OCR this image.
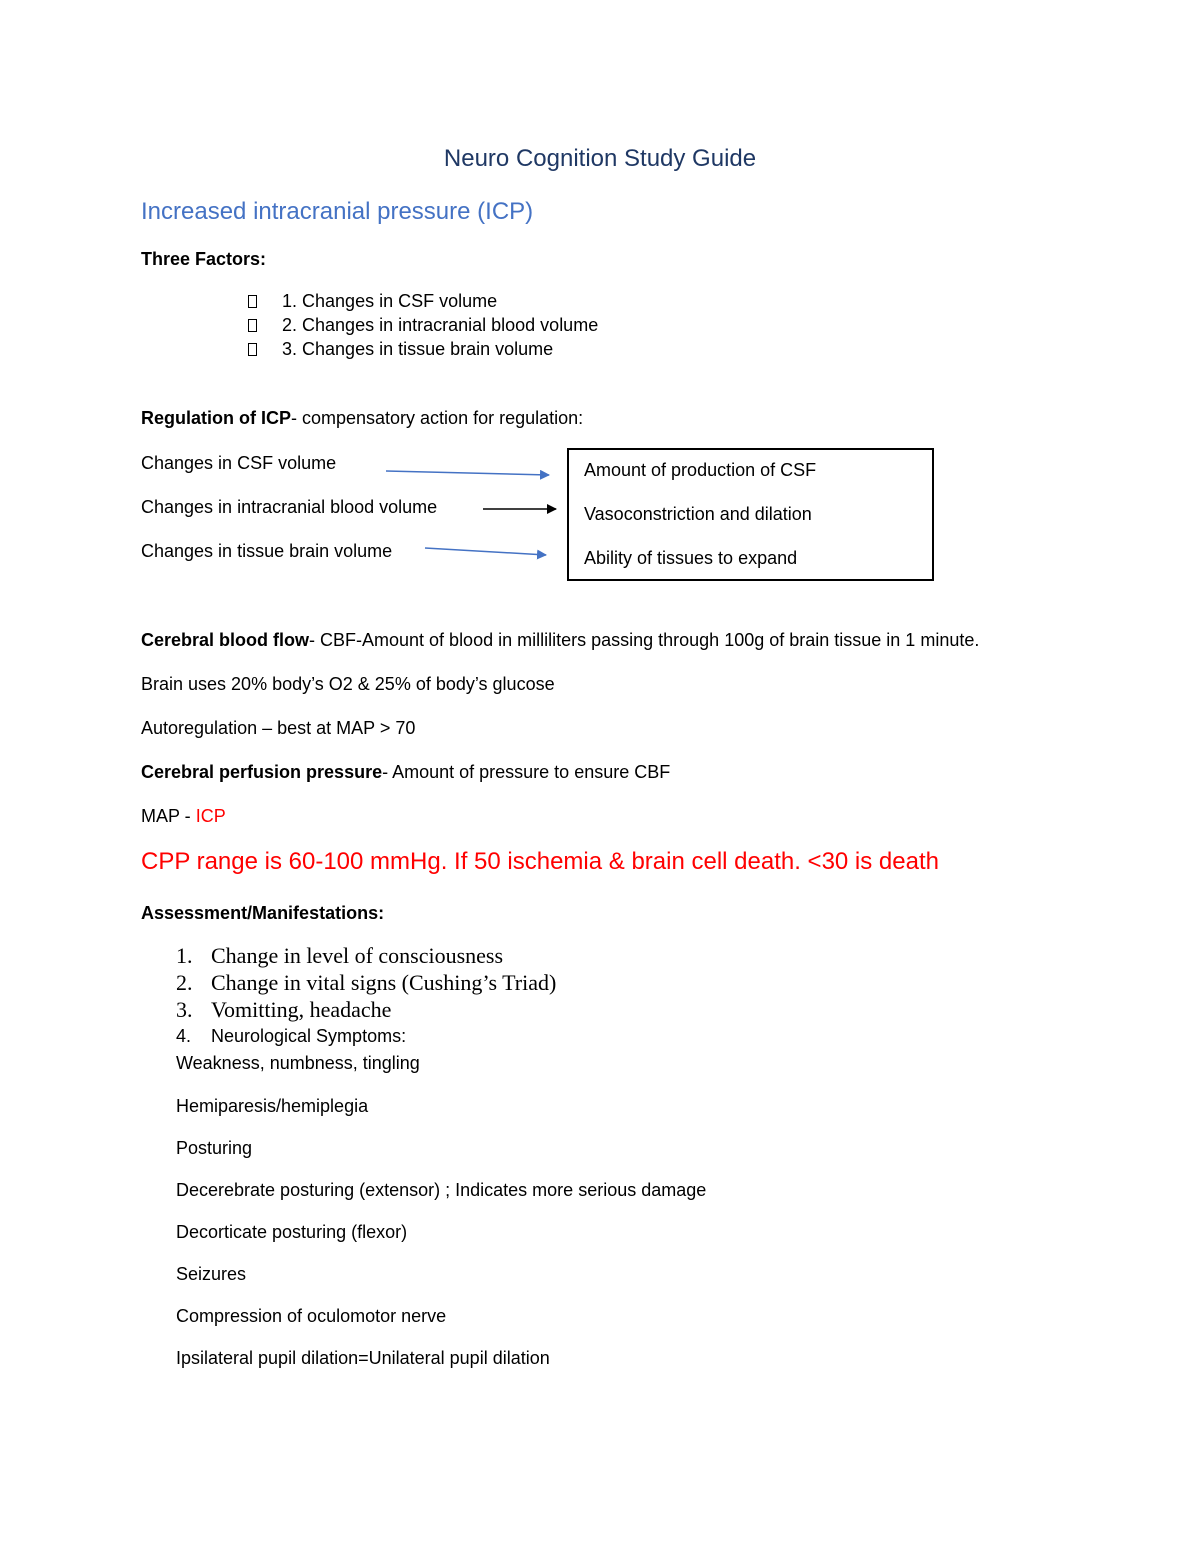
Neuro Cognition Study Guide
Increased intracranial pressure (ICP)
Three Factors:
1. Changes in CSF volume
2. Changes in intracranial blood volume
3. Changes in tissue brain volume
Regulation of ICP- compensatory action for regulation:
Changes in CSF volume
Changes in intracranial blood volume
Changes in tissue brain volume
Amount of production of CSF
Vasoconstriction and dilation
Ability of tissues to expand
Cerebral blood flow- CBF-Amount of blood in milliliters passing through 100g of brain tissue in 1 minute.
Brain uses 20% body’s O2 & 25% of body’s glucose
Autoregulation – best at MAP > 70
Cerebral perfusion pressure- Amount of pressure to ensure CBF
MAP - ICP
CPP range is 60-100 mmHg. If 50 ischemia & brain cell death. <30 is death
Assessment/Manifestations:
1. Change in level of consciousness
2. Change in vital signs (Cushing’s Triad)
3. Vomitting, headache
4. Neurological Symptoms:
Weakness, numbness, tingling
Hemiparesis/hemiplegia
Posturing
Decerebrate posturing (extensor) ; Indicates more serious damage
Decorticate posturing (flexor)
Seizures
Compression of oculomotor nerve
Ipsilateral pupil dilation=Unilateral pupil dilation
